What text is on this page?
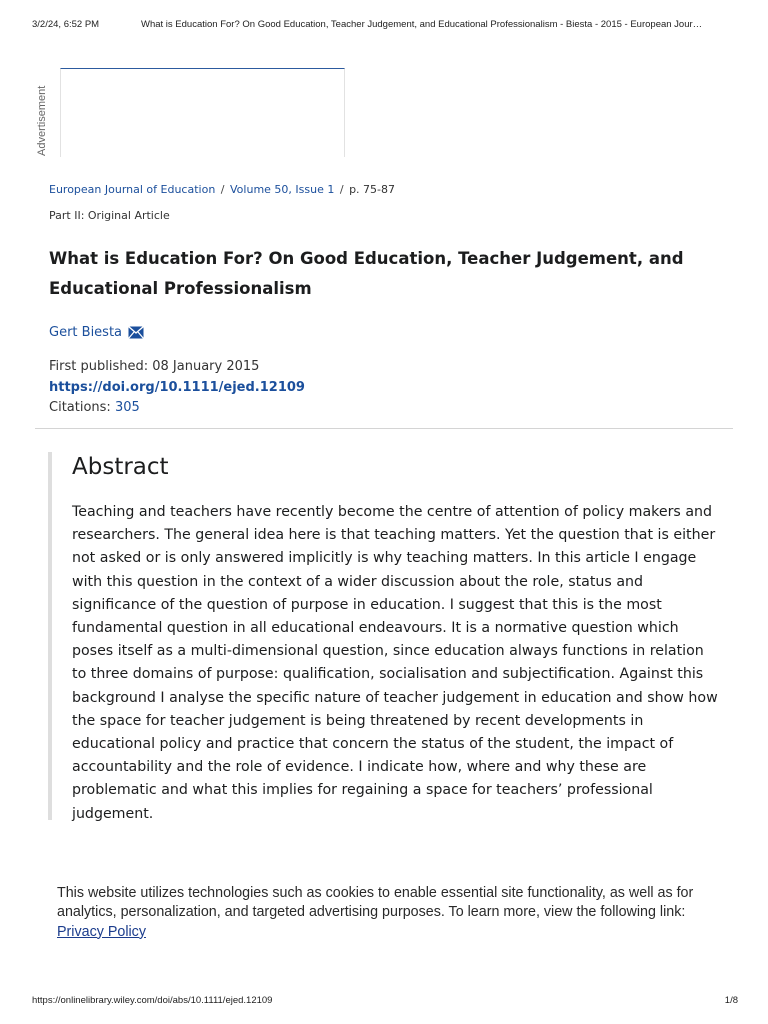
3/2/24, 6:52 PM	What is Education For? On Good Education, Teacher Judgement, and Educational Professionalism - Biesta - 2015 - European Jour…
Advertisement
European Journal of Education / Volume 50, Issue 1 / p. 75-87
Part II: Original Article
What is Education For? On Good Education, Teacher Judgement, and Educational Professionalism
Gert Biesta
First published: 08 January 2015
https://doi.org/10.1111/ejed.12109
Citations: 305
Abstract

Teaching and teachers have recently become the centre of attention of policy makers and researchers. The general idea here is that teaching matters. Yet the question that is either not asked or is only answered implicitly is why teaching matters. In this article I engage with this question in the context of a wider discussion about the role, status and significance of the question of purpose in education. I suggest that this is the most fundamental question in all educational endeavours. It is a normative question which poses itself as a multi-dimensional question, since education always functions in relation to three domains of purpose: qualification, socialisation and subjectification. Against this background I analyse the specific nature of teacher judgement in education and show how the space for teacher judgement is being threatened by recent developments in educational policy and practice that concern the status of the student, the impact of accountability and the role of evidence. I indicate how, where and why these are problematic and what this implies for regaining a space for teachers’ professional judgement.

This website utilizes technologies such as cookies to enable essential site functionality, as well as for analytics, personalization, and targeted advertising purposes. To learn more, view the following link: Privacy Policy
https://onlinelibrary.wiley.com/doi/abs/10.1111/ejed.12109	1/8
